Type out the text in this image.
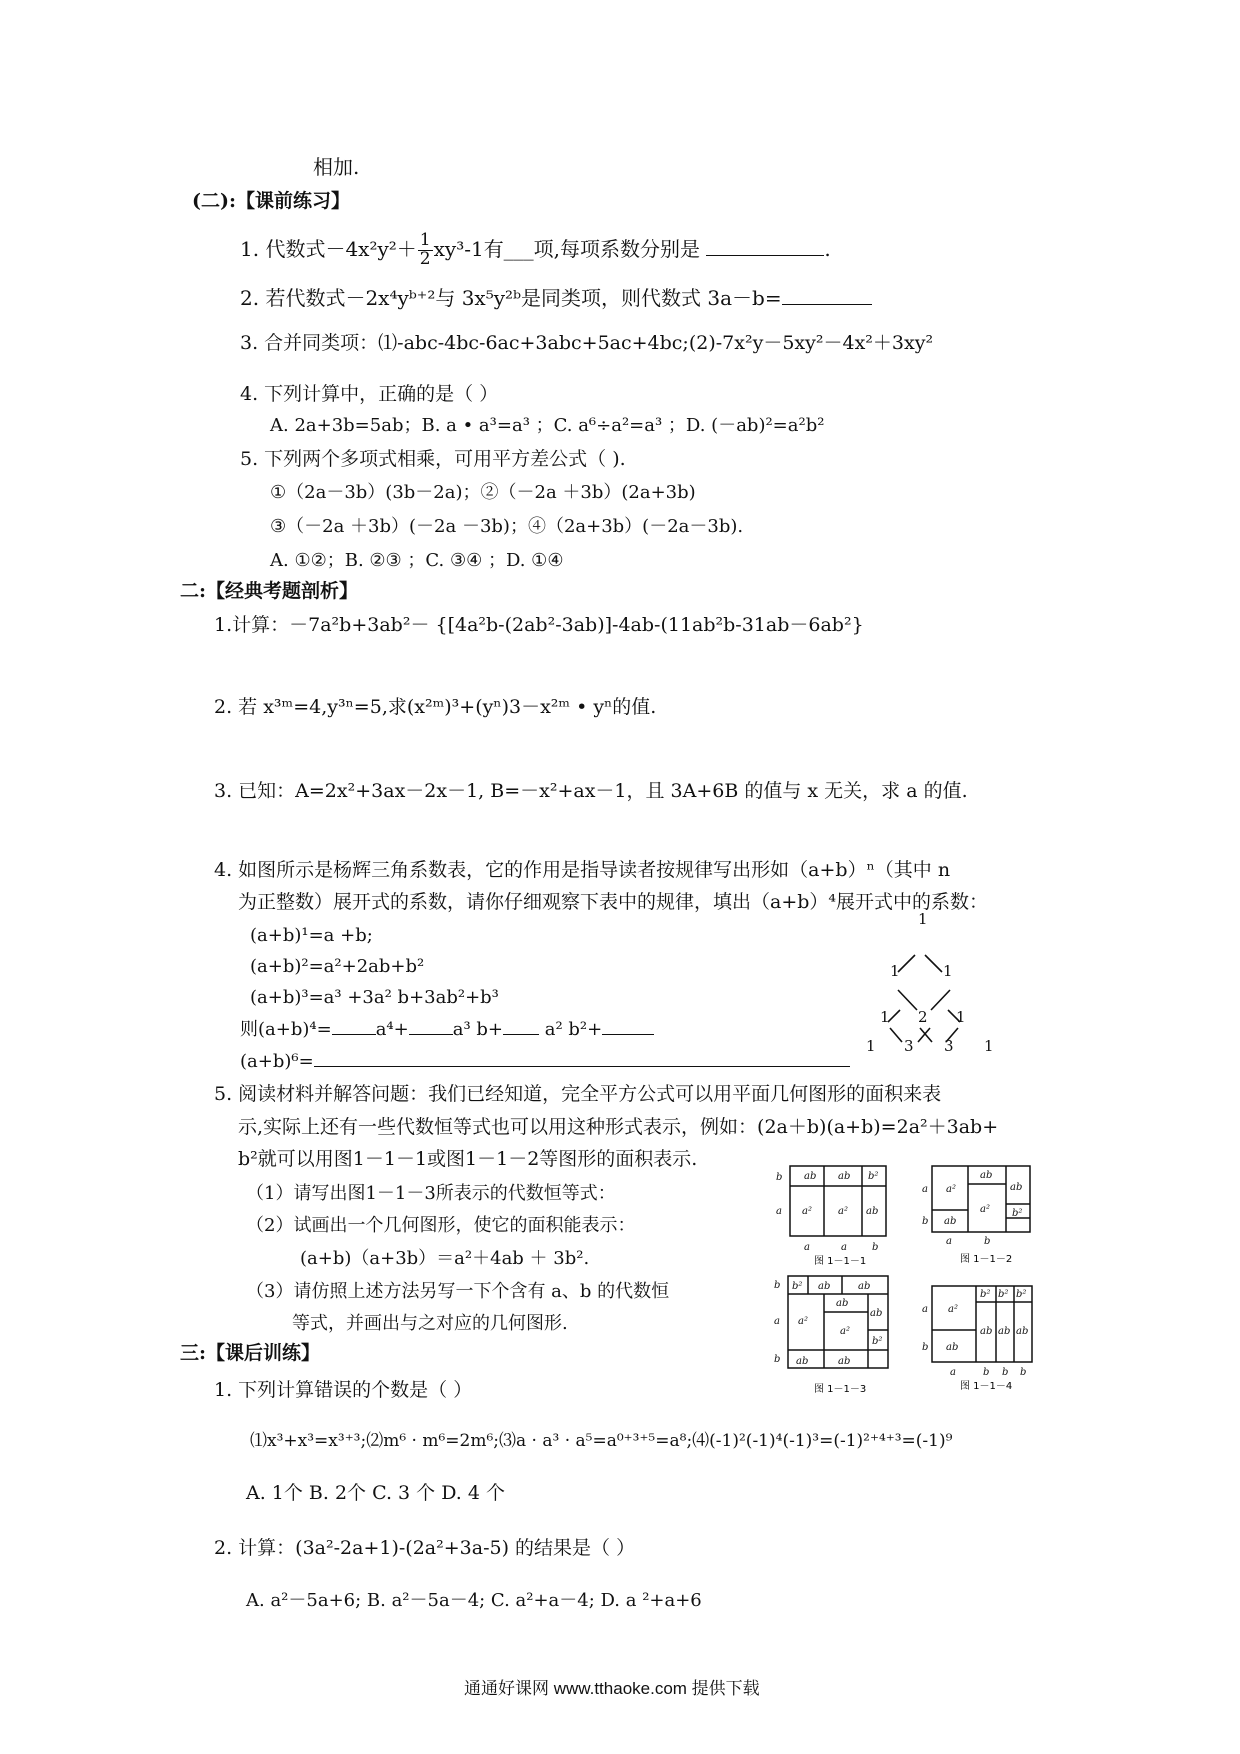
相加.
(二):【课前练习】
1. 代数式$-4x^2y^2+ \frac{1}{2} xy^3-1$有___项,每项系数分别是	.
2. 若代数式－2x⁴yᵇ⁺²与 3x⁵y²ᵇ是同类项，则代数式 3a－b=
3. 合并同类项：⑴-abc-4bc-6ac+3abc+5ac+4bc;(2)-7x²y－5xy²－4x²＋3xy²
4. 下列计算中，正确的是（ ）
A. 2a+3b=5ab；B. a • a³=a³ ；C. a⁶÷a²=a³ ；D. (－ab)²=a²b²
5. 下列两个多项式相乘，可用平方差公式（ ).
①（2a－3b）(3b－2a)；②（－2a ＋3b）(2a+3b)
③（－2a ＋3b）(－2a －3b)；④（2a+3b）(－2a－3b).
A. ①②；B. ②③ ；C. ③④ ；D. ①④
二:【经典考题剖析】
1.计算：－7a²b+3ab²－ {[4a²b-(2ab²-3ab)]-4ab-(11ab²b-31ab－6ab²}
2. 若 x³ᵐ=4,y³ⁿ=5,求(x²ᵐ)³+(yⁿ)3－x²ᵐ • yⁿ的值.
3. 已知：A=2x²+3ax－2x－1, B=－x²+ax－1，且 3A+6B 的值与 x 无关，求 a 的值.
4. 如图所示是杨辉三角系数表，它的作用是指导读者按规律写出形如（a+b）ⁿ（其中 n
为正整数）展开式的系数，请你仔细观察下表中的规律，填出（a+b）⁴展开式中的系数：
(a+b)¹=a +b;
(a+b)²=a²+2ab+b²
(a+b)³=a³ +3a² b+3ab²+b³
则(a+b)⁴= a⁴+ a³ b+ a² b²+
(a+b)⁶=
1
1	1
1 2 1
1 3 3 1
5. 阅读材料并解答问题：我们已经知道，完全平方公式可以用平面几何图形的面积来表
示,实际上还有一些代数恒等式也可以用这种形式表示，例如：(2a＋b)(a+b)=2a²＋3ab+
b²就可以用图1－1－1或图1－1－2等图形的面积表示.
（1）请写出图1－1－3所表示的代数恒等式：
（2）试画出一个几何图形，使它的面积能表示：
(a+b)（a+3b）＝a²＋4ab ＋ 3b².
（3）请仿照上述方法另写一下个含有 a、b 的代数恒
等式，并画出与之对应的几何图形.
ab ab b²
a²	a² ab
b
a
a	a	b
图 1－1－1
a²
ab
a²
ab
ab
b²
a
b
a	b
图 1－1－2
b² ab	ab
a²
ab
a²
ab
b²
ab	ab
b
a
b
图 1－1－3
a²
ab
b² b² b²
ab ab ab
a
b
a	b b b
图 1－1－4
三:【课后训练】
1. 下列计算错误的个数是（ ）
⑴x³+x³=x³⁺³;⑵m⁶ · m⁶=2m⁶;⑶a · a³ · a⁵=a⁰⁺³⁺⁵=a⁸;⑷(-1)²(-1)⁴(-1)³=(-1)²⁺⁴⁺³=(-1)⁹
A. 1个 B. 2个 C. 3 个 D. 4 个
2. 计算：(3a²-2a+1)-(2a²+3a-5) 的结果是（ ）
A. a²－5a+6; B. a²－5a－4; C. a²+a－4; D. a ²+a+6
通通好课网 www.tthaoke.com 提供下载
